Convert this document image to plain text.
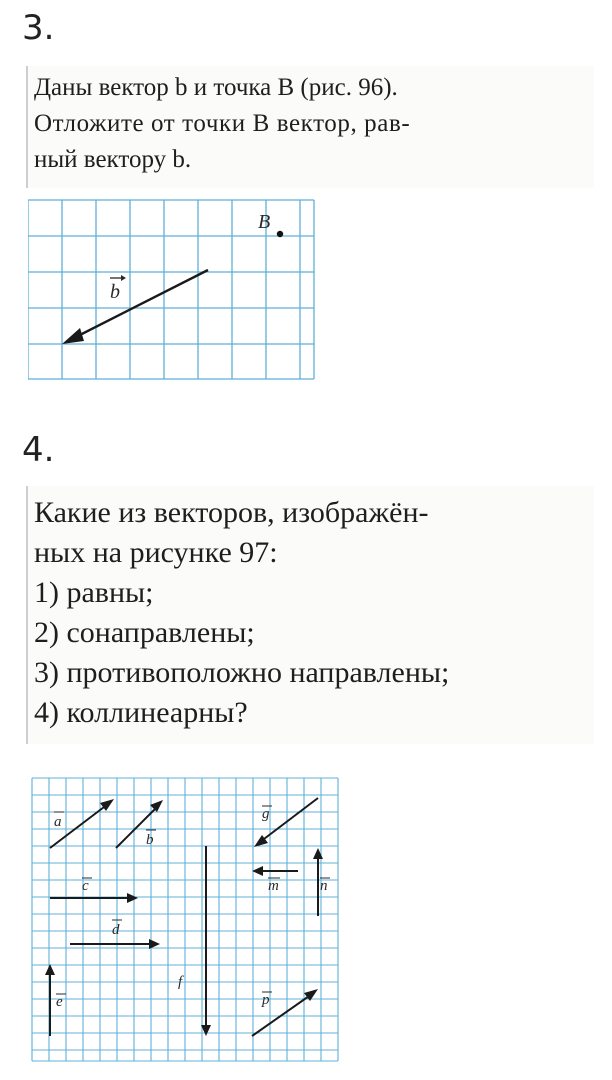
3.
Даны вектор b и точка B (рис. 96).
Отложите от точки B вектор, рав-
ный вектору b.
b
B
4.
Какие из векторов, изображён-
ных на рисунке 97:
1) равны;
2) сонаправлены;
3) противоположно направлены;
4) коллинеарны?
a
b
c
d
e
f
g
m	n
p
